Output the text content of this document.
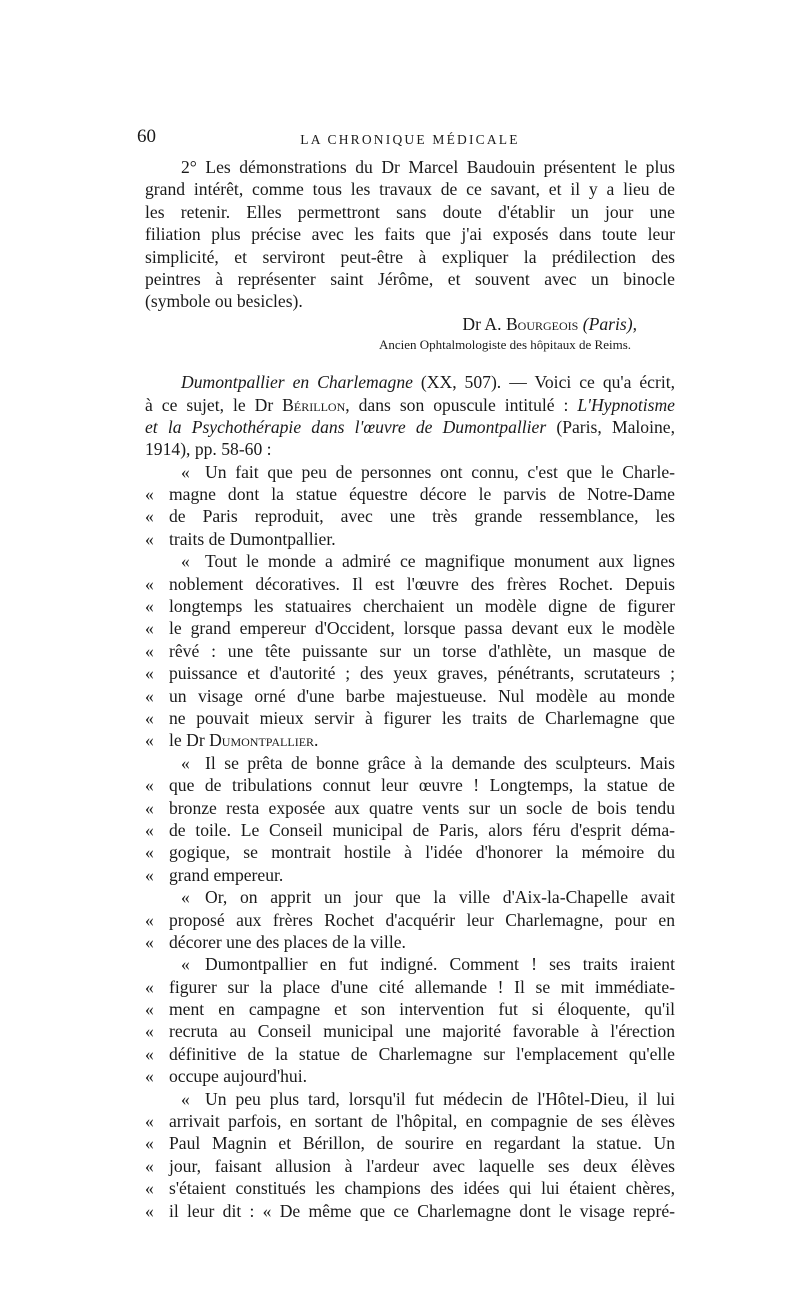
60	LA CHRONIQUE MÉDICALE
2° Les démonstrations du Dr Marcel Baudouin présentent le plus
grand intérêt, comme tous les travaux de ce savant, et il y a lieu de
les retenir. Elles permettront sans doute d'établir un jour une
filiation plus précise avec les faits que j'ai exposés dans toute leur
simplicité, et serviront peut-être à expliquer la prédilection des
peintres à représenter saint Jérôme, et souvent avec un binocle
(symbole ou besicles).
Dr A. Bourgeois (Paris),
Ancien Ophtalmologiste des hôpitaux de Reims.
Dumontpallier en Charlemagne (XX, 507). — Voici ce qu'a écrit,
à ce sujet, le Dr Bérillon, dans son opuscule intitulé : L'Hypnotisme
et la Psychothérapie dans l'œuvre de Dumontpallier (Paris, Maloine,
1914), pp. 58-60 :
« Un fait que peu de personnes ont connu, c'est que le Charle-
« magne dont la statue équestre décore le parvis de Notre-Dame
« de Paris reproduit, avec une très grande ressemblance, les
« traits de Dumontpallier.
« Tout le monde a admiré ce magnifique monument aux lignes
« noblement décoratives. Il est l'œuvre des frères Rochet. Depuis
« longtemps les statuaires cherchaient un modèle digne de figurer
« le grand empereur d'Occident, lorsque passa devant eux le modèle
« rêvé : une tête puissante sur un torse d'athlète, un masque de
« puissance et d'autorité ; des yeux graves, pénétrants, scrutateurs ;
« un visage orné d'une barbe majestueuse. Nul modèle au monde
« ne pouvait mieux servir à figurer les traits de Charlemagne que
« le Dr Dumontpallier.
« Il se prêta de bonne grâce à la demande des sculpteurs. Mais
« que de tribulations connut leur œuvre ! Longtemps, la statue de
« bronze resta exposée aux quatre vents sur un socle de bois tendu
« de toile. Le Conseil municipal de Paris, alors féru d'esprit déma-
« gogique, se montrait hostile à l'idée d'honorer la mémoire du
« grand empereur.
« Or, on apprit un jour que la ville d'Aix-la-Chapelle avait
« proposé aux frères Rochet d'acquérir leur Charlemagne, pour en
« décorer une des places de la ville.
« Dumontpallier en fut indigné. Comment ! ses traits iraient
« figurer sur la place d'une cité allemande ! Il se mit immédiate-
« ment en campagne et son intervention fut si éloquente, qu'il
« recruta au Conseil municipal une majorité favorable à l'érection
« définitive de la statue de Charlemagne sur l'emplacement qu'elle
« occupe aujourd'hui.
« Un peu plus tard, lorsqu'il fut médecin de l'Hôtel-Dieu, il lui
« arrivait parfois, en sortant de l'hôpital, en compagnie de ses élèves
« Paul Magnin et Bérillon, de sourire en regardant la statue. Un
« jour, faisant allusion à l'ardeur avec laquelle ses deux élèves
« s'étaient constitués les champions des idées qui lui étaient chères,
« il leur dit : « De même que ce Charlemagne dont le visage repré-
